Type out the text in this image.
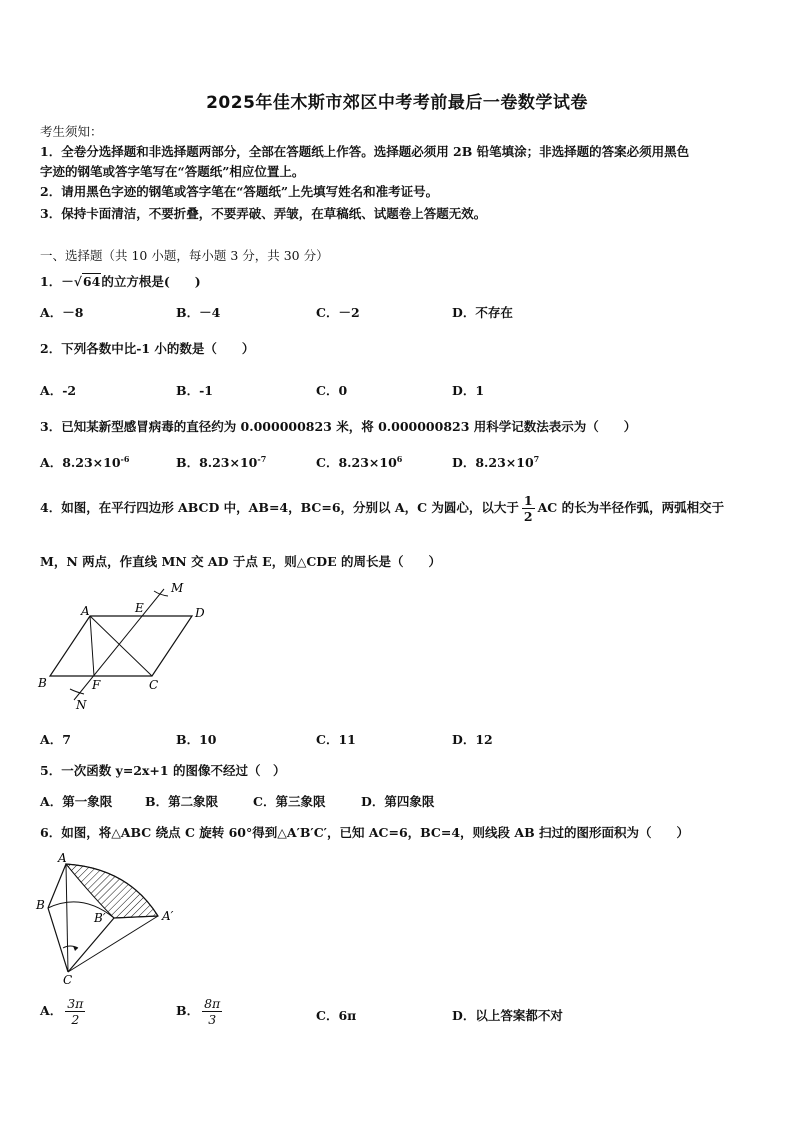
2025年佳木斯市郊区中考考前最后一卷数学试卷
考生须知：
1．全卷分选择题和非选择题两部分，全部在答题纸上作答。选择题必须用 2B 铅笔填涂；非选择题的答案必须用黑色
字迹的钢笔或答字笔写在“答题纸”相应位置上。
2．请用黑色字迹的钢笔或答字笔在“答题纸”上先填写姓名和准考证号。
3．保持卡面清洁，不要折叠，不要弄破、弄皱，在草稿纸、试题卷上答题无效。
一、选择题（共 10 小题，每小题 3 分，共 30 分）
1．－√64的立方根是(　　)
A．－8	B．－4	C．－2	D．不存在
2．下列各数中比-1 小的数是（　　）
A．-2	B．-1	C．0	D．1
3．已知某新型感冒病毒的直径约为 0.000000823 米，将 0.000000823 用科学记数法表示为（　　）
A．$8.23\times 10^{-6}$	B．$8.23\times 10^{-7}$	C．$8.23\times 10^6$	D．$8.23\times 10^7$
4．如图，在平行四边形 ABCD 中，AB=4，BC=6，分别以 A，C 为圆心，以大于 $\frac{1}{2}$ AC 的长为半径作弧，两弧相交于
M，N 两点，作直线 MN 交 AD 于点 E，则△CDE 的周长是（　　）
A	D
B	C
E
F
M
N
A．7	B．10	C．11	D．12
5．一次函数 y=2x+1 的图像不经过（　）
A．第一象限	B．第二象限	C．第三象限	D．第四象限
6．如图，将△ABC 绕点 C 旋转 60°得到△A′B′C′，已知 AC=6，BC=4，则线段 AB 扫过的图形面积为（　　）
A
B
B′	A′
C
A． $\frac{3\pi}{2}$	B． $\frac{8\pi}{3}$	C．6π	D．以上答案都不对
